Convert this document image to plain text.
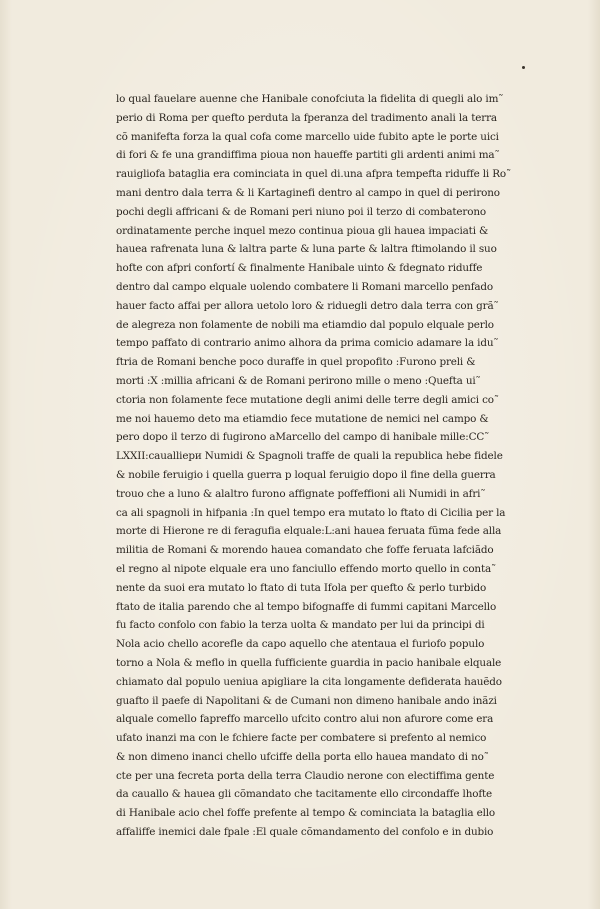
lo qual fauelare auenne che Hanibale conofciuta la fidelita di quegli alo im˜
perio di Roma per quefto perduta la fperanza del tradimento anali la terra
cõ manifefta forza la qual cofa come marcello uide fubito apte le porte uici
di fori & fe una grandiffima pioua non haueffe partiti gli ardenti animi ma˜
rauigliofa bataglia era cominciata in quel di.una afpra tempefta riduffe li Ro˜
mani dentro dala terra & li Kartaginefi dentro al campo in quel di perirono
pochi degli affricani & de Romani peri niuno poi il terzo di combaterono
ordinatamente perche inquel mezo continua pioua gli hauea impaciati &
hauea rafrenata luna & laltra parte & luna parte & laltra ftimolando il suo
hofte con afpri confortí & finalmente Hanibale uinto & fdegnato riduffe
dentro dal campo elquale uolendo combatere li Romani marcello penfado
hauer facto affai per allora uetolo loro & riduegli detro dala terra con grã˜
de alegreza non folamente de nobili ma etiamdio dal populo elquale perlo
tempo paffato di contrario animo alhora da prima comicio adamare la idu˜
ftria de Romani benche poco duraffe in quel propofito :Furono preli &
morti :X :millia africani & de Romani perirono mille o meno :Quefta ui˜
ctoria non folamente fece mutatione degli animi delle terre degli amici co˜
me noi hauemo deto ma etiamdio fece mutatione de nemici nel campo &
pero dopo il terzo di fugirono aMarcello del campo di hanibale mille:CC˜
LXXII:caualliери Numidi & Spagnoli traffe de quali la republica hebe fidele
& nobile feruigio i quella guerra p loqual feruigio dopo il fine della guerra
trouo che a luno & alaltro furono affignate poffeffioni ali Numidi in afri˜
ca ali spagnoli in hifpania :In quel tempo era mutato lo ftato di Cicilia per la
morte di Hierone re di feragufia elquale:L:ani hauea feruata fũma fede alla
militia de Romani & morendo hauea comandato che foffe feruata lafciãdo
el regno al nipote elquale era uno fanciullo effendo morto quello in conta˜
nente da suoi era mutato lo ftato di tuta Ifola per quefto & perlo turbido
ftato de italia parendo che al tempo bifognaffe di fummi capitani Marcello
fu facto confolo con fabio la terza uolta & mandato per lui da principi di
Nola acio chello acorefle da capo aquello che atentaua el furiofo populo
torno a Nola & meflo in quella fufficiente guardia in pacio hanibale elquale
chiamato dal populo ueniua apigliare la cita longamente defiderata hauẽdo
guafto il paefe di Napolitani & de Cumani non dimeno hanibale ando inãzi
alquale comello fapreffo marcello ufcito contro alui non afurore come era
ufato inanzi ma con le fchiere facte per combatere si prefento al nemico
& non dimeno inanci chello ufciffe della porta ello hauea mandato di no˜
cte per una fecreta porta della terra Claudio nerone con electiffima gente
da cauallo & hauea gli cõmandato che tacitamente ello circondaffe lhofte
di Hanibale acio chel foffe prefente al tempo & cominciata la bataglia ello
affaliffe inemici dale fpale :El quale cõmandamento del confolo e in dubio
